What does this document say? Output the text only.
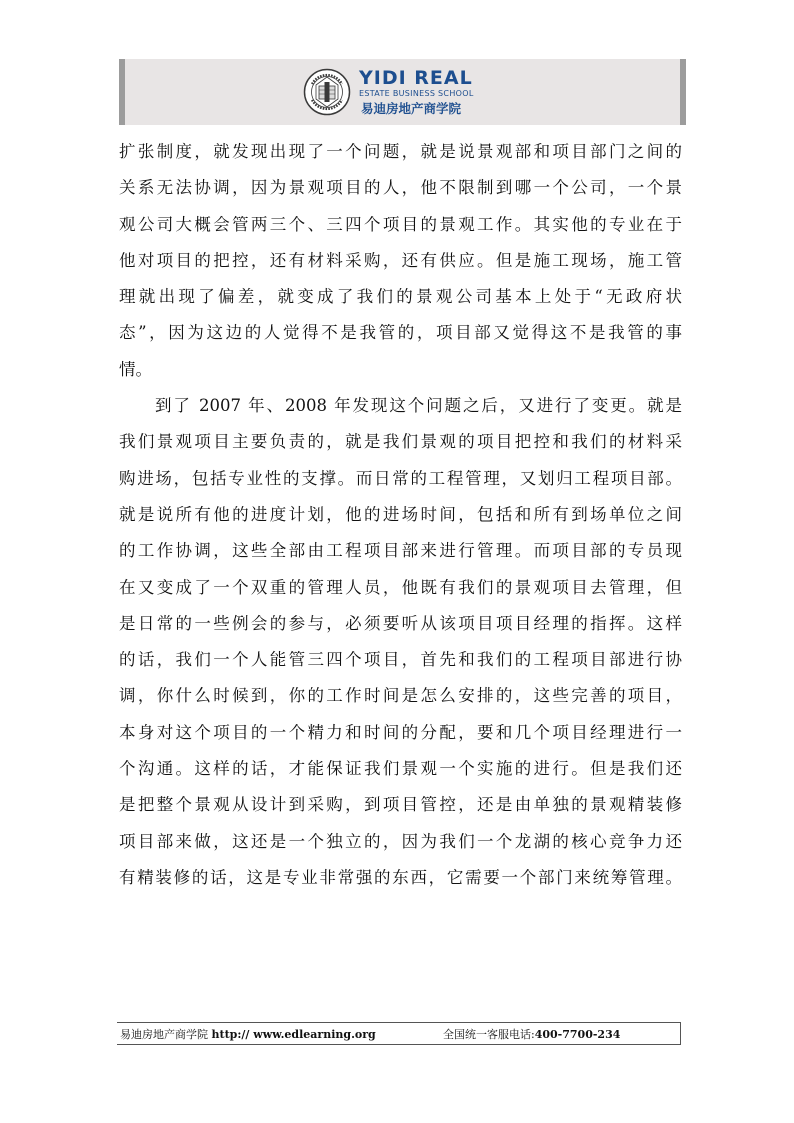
YIDI REAL
ESTATE BUSINESS SCHOOL
易迪房地产商学院
扩张制度，就发现出现了一个问题，就是说景观部和项目部门之间的
关系无法协调，因为景观项目的人，他不限制到哪一个公司，一个景
观公司大概会管两三个、三四个项目的景观工作。其实他的专业在于
他对项目的把控，还有材料采购，还有供应。但是施工现场，施工管
理就出现了偏差，就变成了我们的景观公司基本上处于“无政府状
态”，因为这边的人觉得不是我管的，项目部又觉得这不是我管的事
情。
到了 2007 年、2008 年发现这个问题之后，又进行了变更。就是
我们景观项目主要负责的，就是我们景观的项目把控和我们的材料采
购进场，包括专业性的支撑。而日常的工程管理，又划归工程项目部。
就是说所有他的进度计划，他的进场时间，包括和所有到场单位之间
的工作协调，这些全部由工程项目部来进行管理。而项目部的专员现
在又变成了一个双重的管理人员，他既有我们的景观项目去管理，但
是日常的一些例会的参与，必须要听从该项目项目经理的指挥。这样
的话，我们一个人能管三四个项目，首先和我们的工程项目部进行协
调，你什么时候到，你的工作时间是怎么安排的，这些完善的项目，
本身对这个项目的一个精力和时间的分配，要和几个项目经理进行一
个沟通。这样的话，才能保证我们景观一个实施的进行。但是我们还
是把整个景观从设计到采购，到项目管控，还是由单独的景观精装修
项目部来做，这还是一个独立的，因为我们一个龙湖的核心竞争力还
有精装修的话，这是专业非常强的东西，它需要一个部门来统筹管理。
易迪房地产商学院 http:// www.edlearning.org	全国统一客服电话:400-7700-234
